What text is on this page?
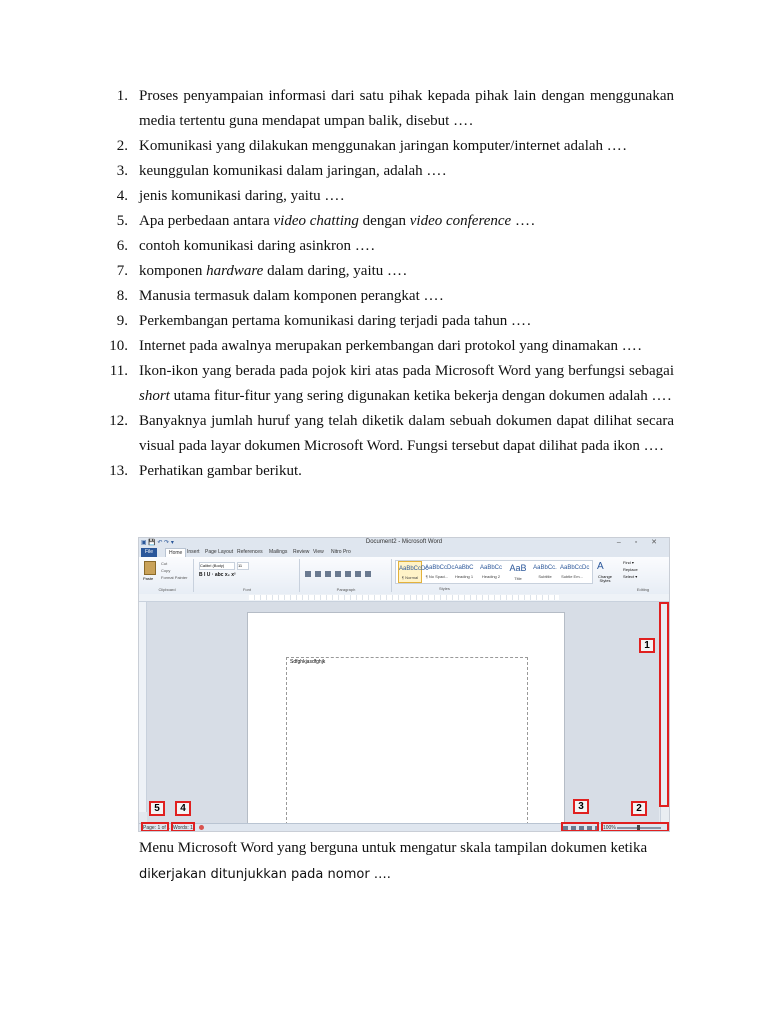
1. Proses penyampaian informasi dari satu pihak kepada pihak lain dengan menggunakan media tertentu guna mendapat umpan balik, disebut ….
2. Komunikasi yang dilakukan menggunakan jaringan komputer/internet adalah ….
3. keunggulan komunikasi dalam jaringan, adalah ….
4. jenis komunikasi daring, yaitu ….
5. Apa perbedaan antara video chatting dengan video conference ….
6. contoh komunikasi daring asinkron ….
7. komponen hardware dalam daring, yaitu ….
8. Manusia termasuk dalam komponen perangkat ….
9. Perkembangan pertama komunikasi daring terjadi pada tahun ….
10. Internet pada awalnya merupakan perkembangan dari protokol yang dinamakan ….
11. Ikon-ikon yang berada pada pojok kiri atas pada Microsoft Word yang berfungsi sebagai short utama fitur-fitur yang sering digunakan ketika bekerja dengan dokumen adalah ….
12. Banyaknya jumlah huruf yang telah diketik dalam sebuah dokumen dapat dilihat secara visual pada layar dokumen Microsoft Word. Fungsi tersebut dapat dilihat pada ikon ….
13. Perhatikan gambar berikut.
▣ 💾 ↶ ↷ ▾	Document2 - Microsoft Word	– ▫ ✕
File	Home Insert Page Layout References Mailings Review View Nitro Pro
Paste
Cut
Copy
Format Painter
Clipboard
Calibri (Body)	11
B I U · abc x₂ x²
Font	Paragraph
AaBbCcDc
¶ Normal
AaBbCcDc
¶ No Spaci...
AaBbC
Heading 1
AaBbCc
Heading 2
AaB
Title
AaBbCc.
Subtitle
AaBbCcDc
Subtle Em...
A
Change Styles
Styles
Find ▾
Replace
Select ▾
Editing
Sdfghkjasdfghjk
Page: 1 of 1 Words: 1	100%
1
2
3
4
5
Menu Microsoft Word yang berguna untuk mengatur skala tampilan dokumen ketika
dikerjakan ditunjukkan pada nomor ….
